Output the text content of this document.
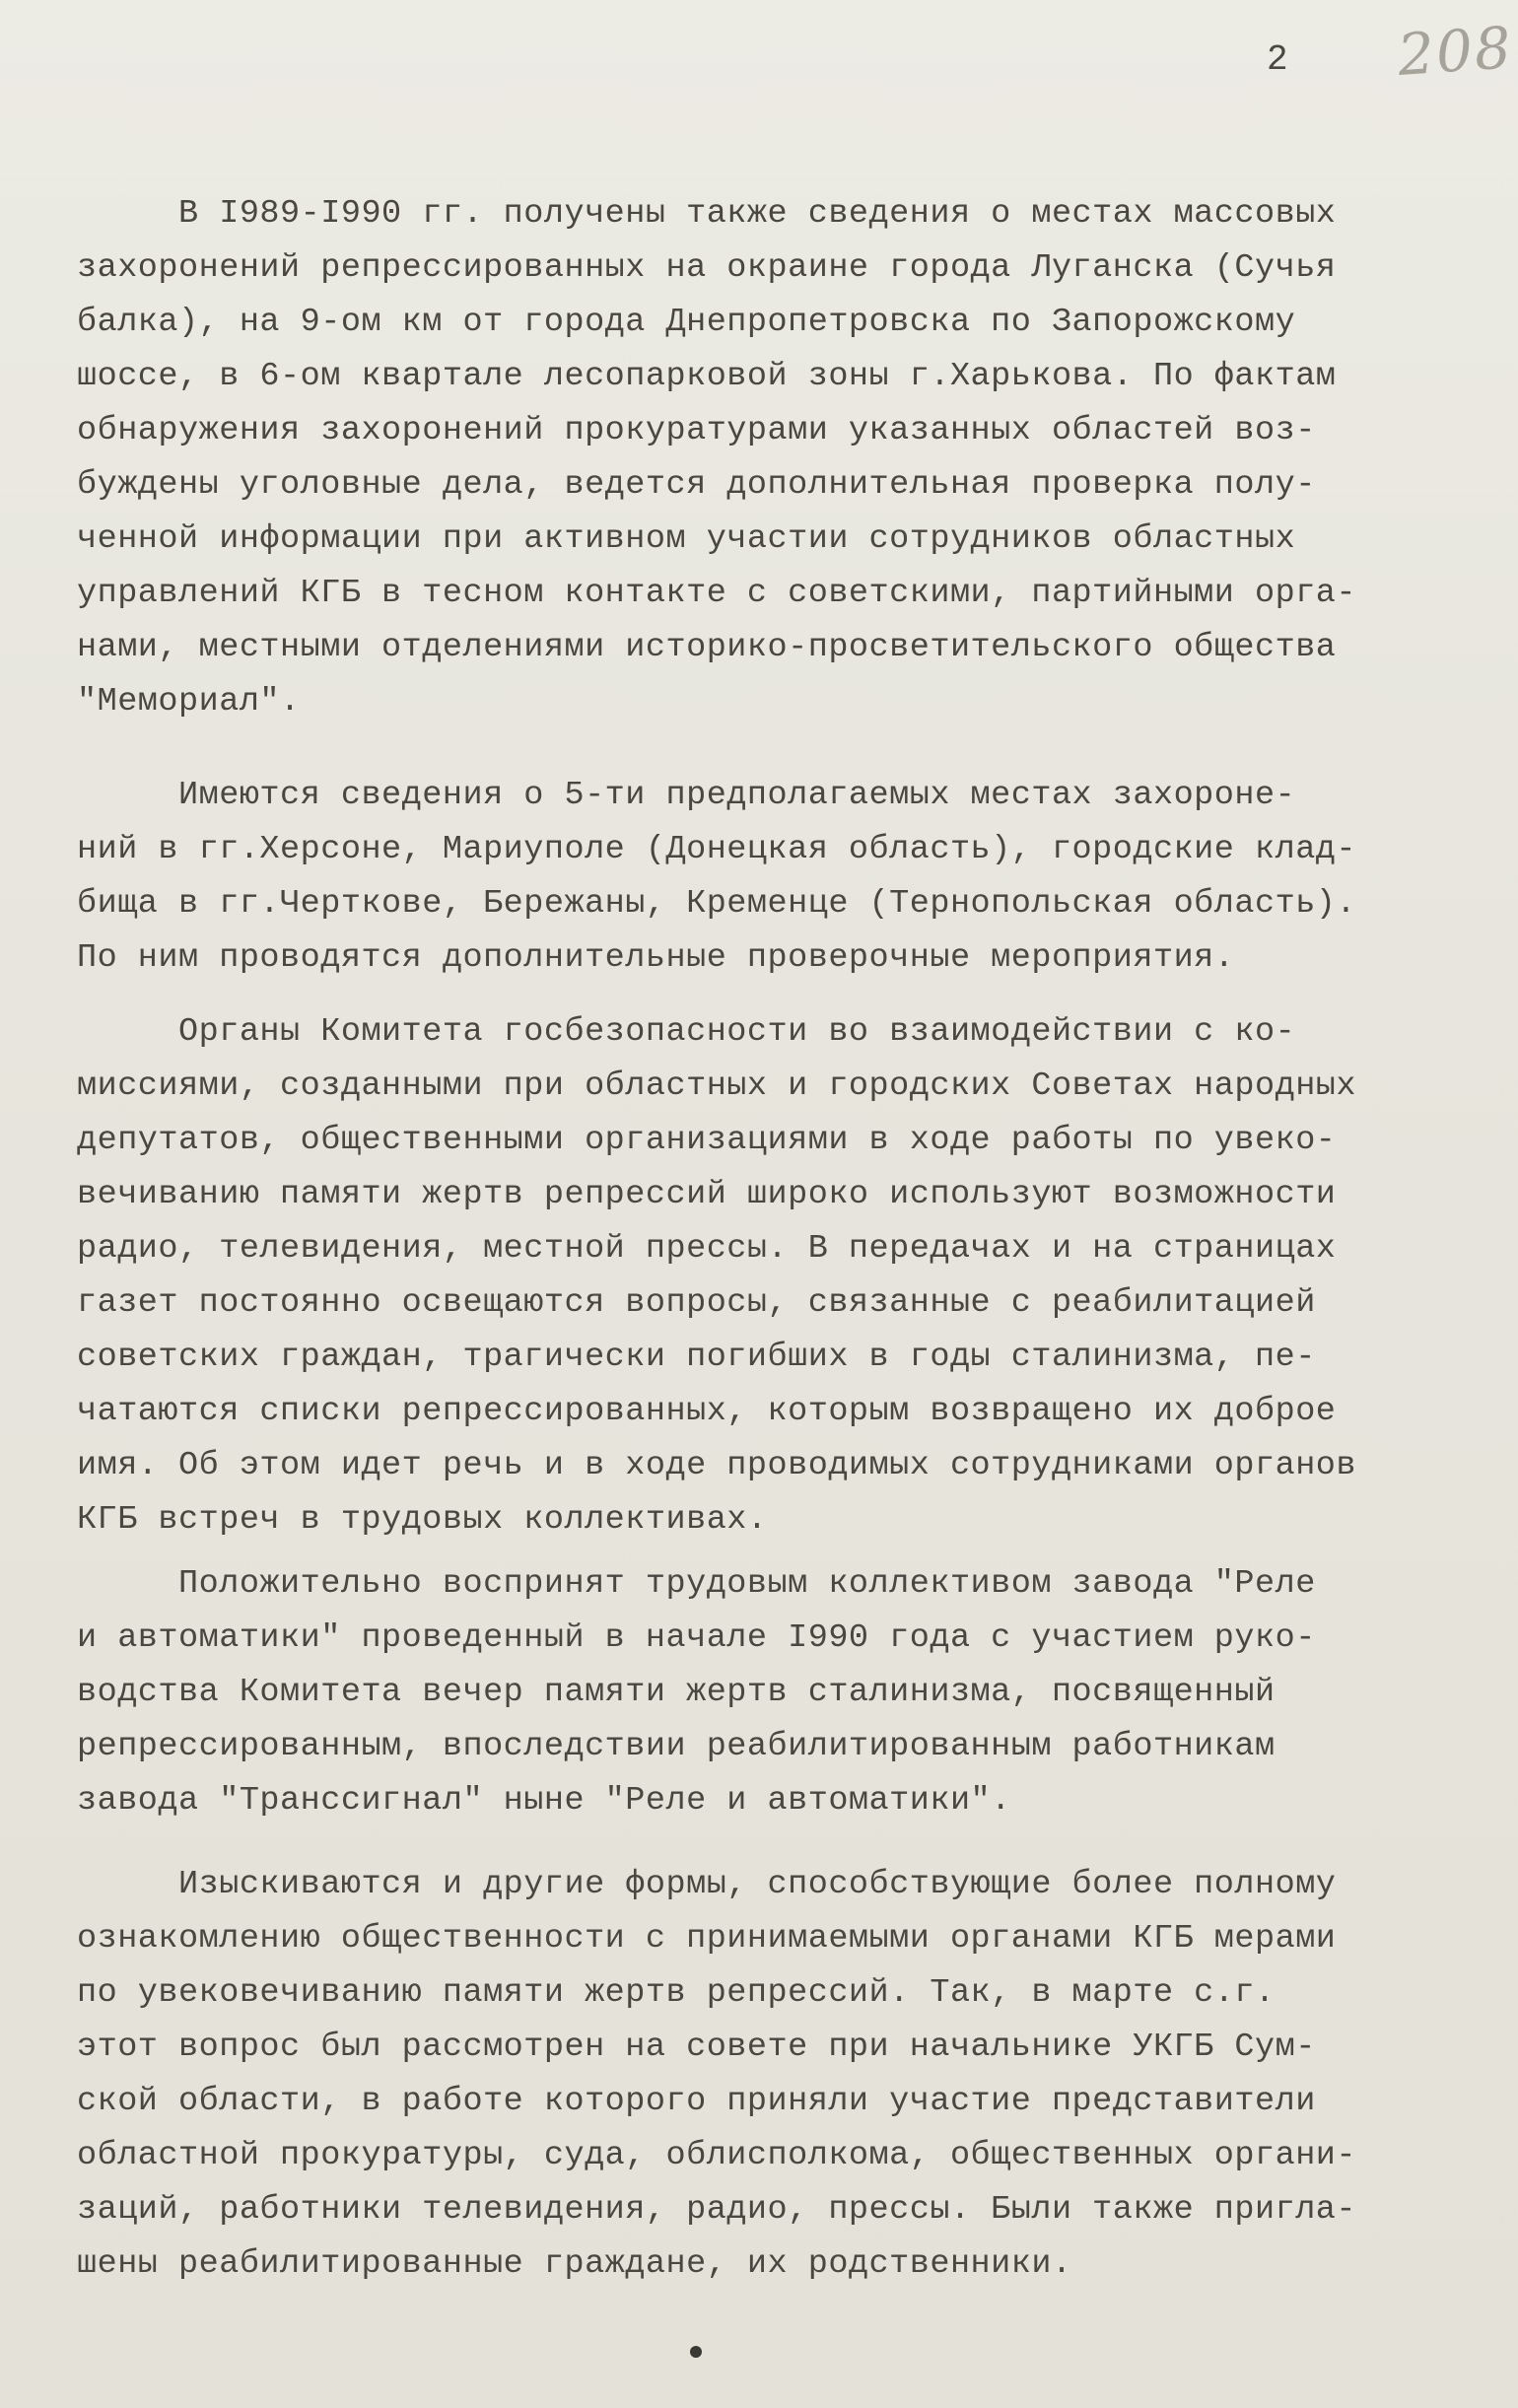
2 208
В I989-I990 гг. получены также сведения о местах массовых
захоронений репрессированных на окраине города Луганска (Сучья
балка), на 9-ом км от города Днепропетровска по Запорожскому
шоссе, в 6-ом квартале лесопарковой зоны г.Харькова. По фактам
обнаружения захоронений прокуратурами указанных областей воз-
буждены уголовные дела, ведется дополнительная проверка полу-
ченной информации при активном участии сотрудников областных
управлений КГБ в тесном контакте с советскими, партийными орга-
нами, местными отделениями историко-просветительского общества
"Мемориал".
Имеются сведения о 5-ти предполагаемых местах захороне-
ний в гг.Херсоне, Мариуполе (Донецкая область), городские клад-
бища в гг.Черткове, Бережаны, Кременце (Тернопольская область).
По ним проводятся дополнительные проверочные мероприятия.
Органы Комитета госбезопасности во взаимодействии с ко-
миссиями, созданными при областных и городских Советах народных
депутатов, общественными организациями в ходе работы по увеко-
вечиванию памяти жертв репрессий широко используют возможности
радио, телевидения, местной прессы. В передачах и на страницах
газет постоянно освещаются вопросы, связанные с реабилитацией
советских граждан, трагически погибших в годы сталинизма, пе-
чатаются списки репрессированных, которым возвращено их доброе
имя. Об этом идет речь и в ходе проводимых сотрудниками органов
КГБ встреч в трудовых коллективах.
Положительно воспринят трудовым коллективом завода "Реле
и автоматики" проведенный в начале I990 года с участием руко-
водства Комитета вечер памяти жертв сталинизма, посвященный
репрессированным, впоследствии реабилитированным работникам
завода "Транссигнал" ныне "Реле и автоматики".
Изыскиваются и другие формы, способствующие более полному
ознакомлению общественности с принимаемыми органами КГБ мерами
по увековечиванию памяти жертв репрессий. Так, в марте с.г.
этот вопрос был рассмотрен на совете при начальнике УКГБ Сум-
ской области, в работе которого приняли участие представители
областной прокуратуры, суда, облисполкома, общественных органи-
заций, работники телевидения, радио, прессы. Были также пригла-
шены реабилитированные граждане, их родственники.
